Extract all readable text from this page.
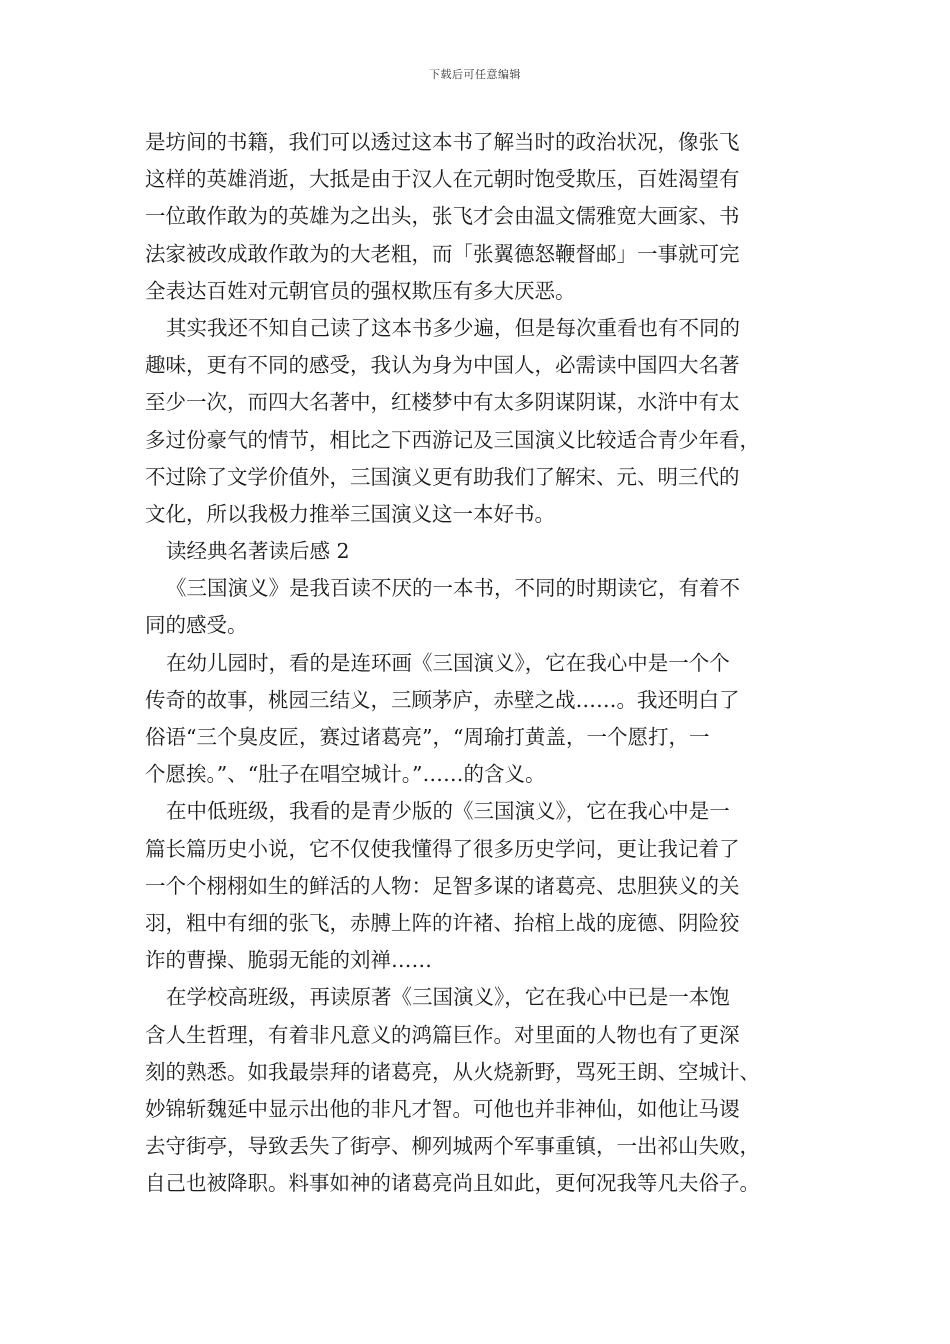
下载后可任意编辑
是坊间的书籍，我们可以透过这本书了解当时的政治状况，像张飞
这样的英雄消逝，大抵是由于汉人在元朝时饱受欺压，百姓渴望有
一位敢作敢为的英雄为之出头，张飞才会由温文儒雅宽大画家、书
法家被改成敢作敢为的大老粗，而「张翼德怒鞭督邮」一事就可完
全表达百姓对元朝官员的强权欺压有多大厌恶。
其实我还不知自己读了这本书多少遍，但是每次重看也有不同的
趣味，更有不同的感受，我认为身为中国人，必需读中国四大名著
至少一次，而四大名著中，红楼梦中有太多阴谋阴谋，水浒中有太
多过份豪气的情节，相比之下西游记及三国演义比较适合青少年看，
不过除了文学价值外，三国演义更有助我们了解宋、元、明三代的
文化，所以我极力推举三国演义这一本好书。
读经典名著读后感 2
《三国演义》是我百读不厌的一本书，不同的时期读它，有着不
同的感受。
在幼儿园时，看的是连环画《三国演义》，它在我心中是一个个
传奇的故事，桃园三结义，三顾茅庐，赤壁之战……。我还明白了
俗语“三个臭皮匠，赛过诸葛亮”，“周瑜打黄盖，一个愿打，一
个愿挨。”、“肚子在唱空城计。”……的含义。
在中低班级，我看的是青少版的《三国演义》，它在我心中是一
篇长篇历史小说，它不仅使我懂得了很多历史学问，更让我记着了
一个个栩栩如生的鲜活的人物：足智多谋的诸葛亮、忠胆狭义的关
羽，粗中有细的张飞，赤膊上阵的许褚、抬棺上战的庞德、阴险狡
诈的曹操、脆弱无能的刘禅……
在学校高班级，再读原著《三国演义》，它在我心中已是一本饱
含人生哲理，有着非凡意义的鸿篇巨作。对里面的人物也有了更深
刻的熟悉。如我最崇拜的诸葛亮，从火烧新野，骂死王朗、空城计、
妙锦斩魏延中显示出他的非凡才智。可他也并非神仙，如他让马谡
去守街亭，导致丢失了街亭、柳列城两个军事重镇，一出祁山失败，
自己也被降职。料事如神的诸葛亮尚且如此，更何况我等凡夫俗子。
